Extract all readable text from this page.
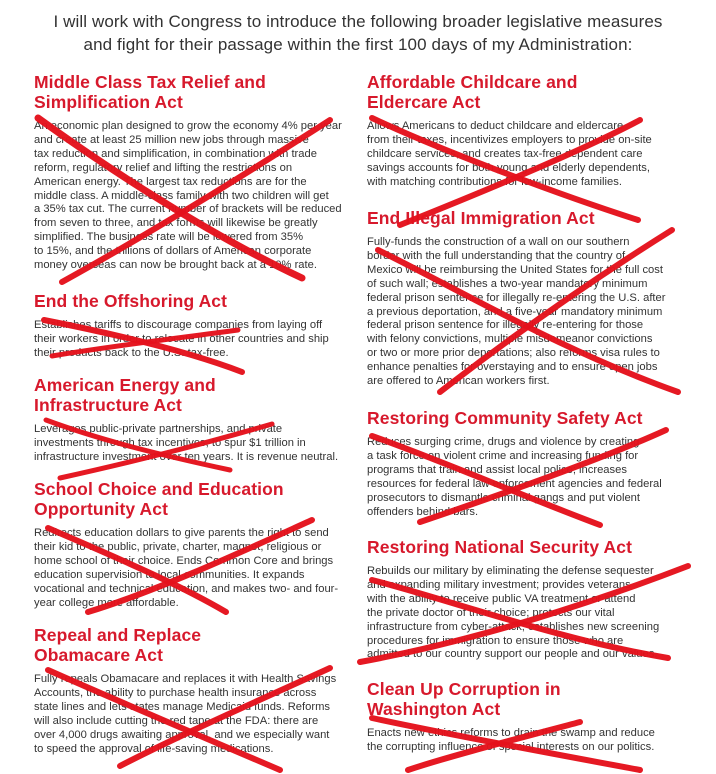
I will work with Congress to introduce the following broader legislative measures
and fight for their passage within the first 100 days of my Administration:
Middle Class Tax Relief and
Simplification Act
An economic plan designed to grow the economy 4% per year
and create at least 25 million new jobs through massive
tax reduction and simplification, in combination with trade
reform, regulatory relief and lifting the restrictions on
American energy. The largest tax reductions are for the
middle class. A middle-class family with two children will get
a 35% tax cut. The current number of brackets will be reduced
from seven to three, and tax forms will likewise be greatly
simplified. The business rate will be lowered from 35%
to 15%, and the trillions of dollars of American corporate
money overseas can now be brought back at a 10% rate.
End the Offshoring Act
Establishes tariffs to discourage companies from laying off
their workers in order to relocate in other countries and ship
their products back to the U.S. tax-free.
American Energy and
Infrastructure Act
Leverages public-private partnerships, and private
investments through tax incentives, to spur $1 trillion in
infrastructure investment over ten years. It is revenue neutral.
School Choice and Education
Opportunity Act
Redirects education dollars to give parents the right to send
their kid to the public, private, charter, magnet, religious or
home school of their choice. Ends Common Core and brings
education supervision to local communities. It expands
vocational and technical education, and makes two- and four-
year college more affordable.
Repeal and Replace
Obamacare Act
Fully repeals Obamacare and replaces it with Health Savings
Accounts, the ability to purchase health insurance across
state lines and lets states manage Medicaid funds. Reforms
will also include cutting the red tape at the FDA: there are
over 4,000 drugs awaiting approval, and we especially want
to speed the approval of life-saving medications.
Affordable Childcare and
Eldercare Act
Allows Americans to deduct childcare and eldercare
from their taxes, incentivizes employers to provide on-site
childcare services, and creates tax-free dependent care
savings accounts for both young and elderly dependents,
with matching contributions for low-income families.
End Illegal Immigration Act
Fully-funds the construction of a wall on our southern
border with the full understanding that the country of
Mexico will be reimbursing the United States for the full cost
of such wall; establishes a two-year mandatory minimum
federal prison sentence for illegally re-entering the U.S. after
a previous deportation, and a five-year mandatory minimum
federal prison sentence for illegally re-entering for those
with felony convictions, multiple misdemeanor convictions
or two or more prior deportations; also reforms visa rules to
enhance penalties for overstaying and to ensure open jobs
are offered to American workers first.
Restoring Community Safety Act
Reduces surging crime, drugs and violence by creating
a task force on violent crime and increasing funding for
programs that train and assist local police; increases
resources for federal law enforcement agencies and federal
prosecutors to dismantle criminal gangs and put violent
offenders behind bars.
Restoring National Security Act
Rebuilds our military by eliminating the defense sequester
and expanding military investment; provides veterans
with the ability to receive public VA treatment or attend
the private doctor of their choice; protects our vital
infrastructure from cyber-attack; establishes new screening
procedures for immigration to ensure those who are
admitted to our country support our people and our values.
Clean Up Corruption in
Washington Act
Enacts new ethics reforms to drain the swamp and reduce
the corrupting influence of special interests on our politics.
